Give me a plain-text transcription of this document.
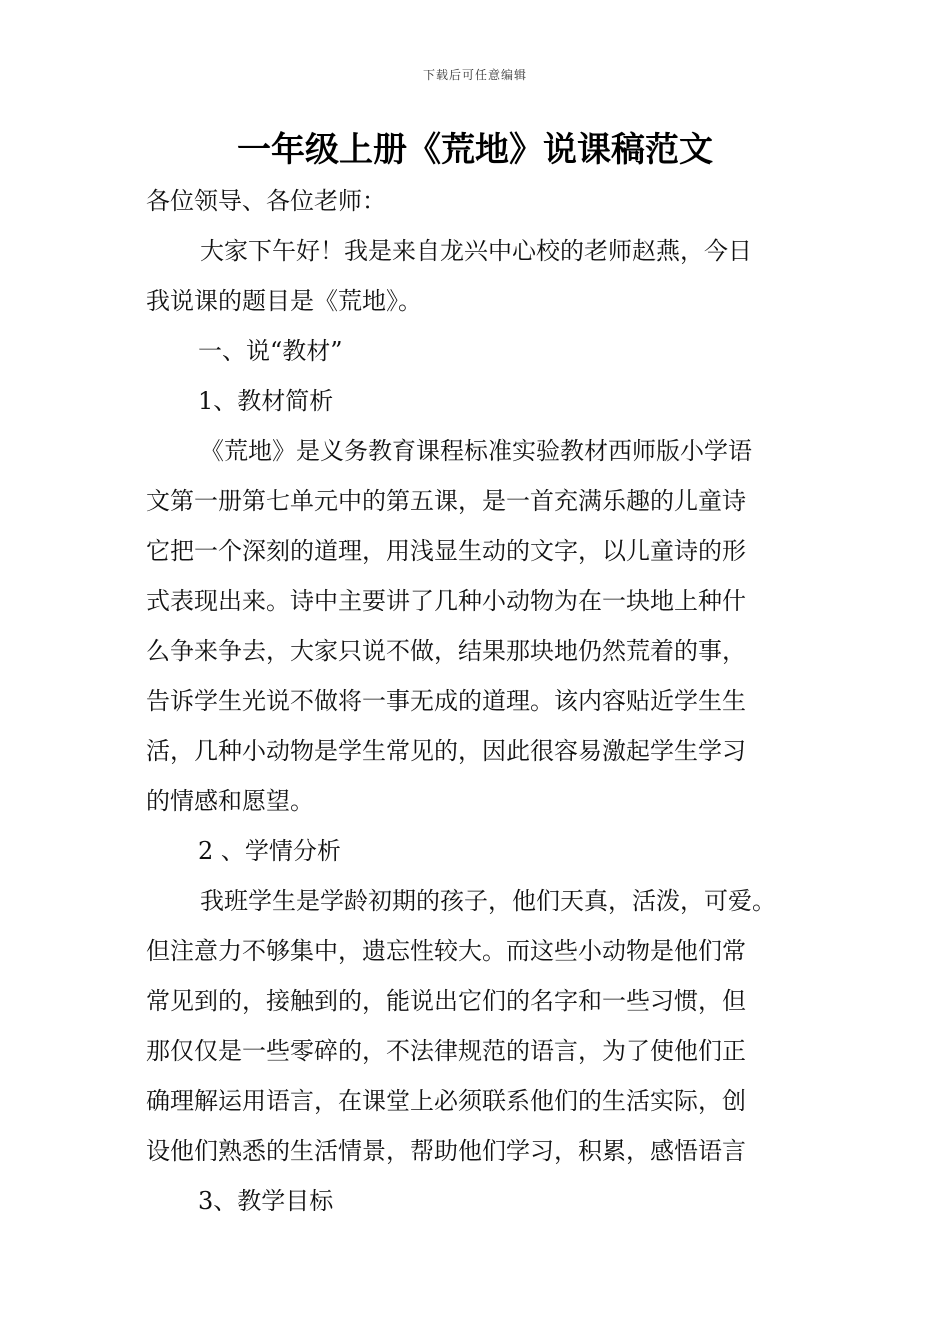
下载后可任意编辑
一年级上册《荒地》说课稿范文
各位领导、各位老师：
大家下午好！我是来自龙兴中心校的老师赵燕，今日
我说课的题目是《荒地》。
一、说“教材”
1、教材简析
《荒地》是义务教育课程标准实验教材西师版小学语
文第一册第七单元中的第五课，是一首充满乐趣的儿童诗
它把一个深刻的道理，用浅显生动的文字，以儿童诗的形
式表现出来。诗中主要讲了几种小动物为在一块地上种什
么争来争去，大家只说不做，结果那块地仍然荒着的事，
告诉学生光说不做将一事无成的道理。该内容贴近学生生
活，几种小动物是学生常见的，因此很容易激起学生学习
的情感和愿望。
2 、学情分析
我班学生是学龄初期的孩子，他们天真，活泼，可爱。
但注意力不够集中，遗忘性较大。而这些小动物是他们常
常见到的，接触到的，能说出它们的名字和一些习惯，但
那仅仅是一些零碎的，不法律规范的语言，为了使他们正
确理解运用语言，在课堂上必须联系他们的生活实际，创
设他们熟悉的生活情景，帮助他们学习，积累，感悟语言
3、教学目标
